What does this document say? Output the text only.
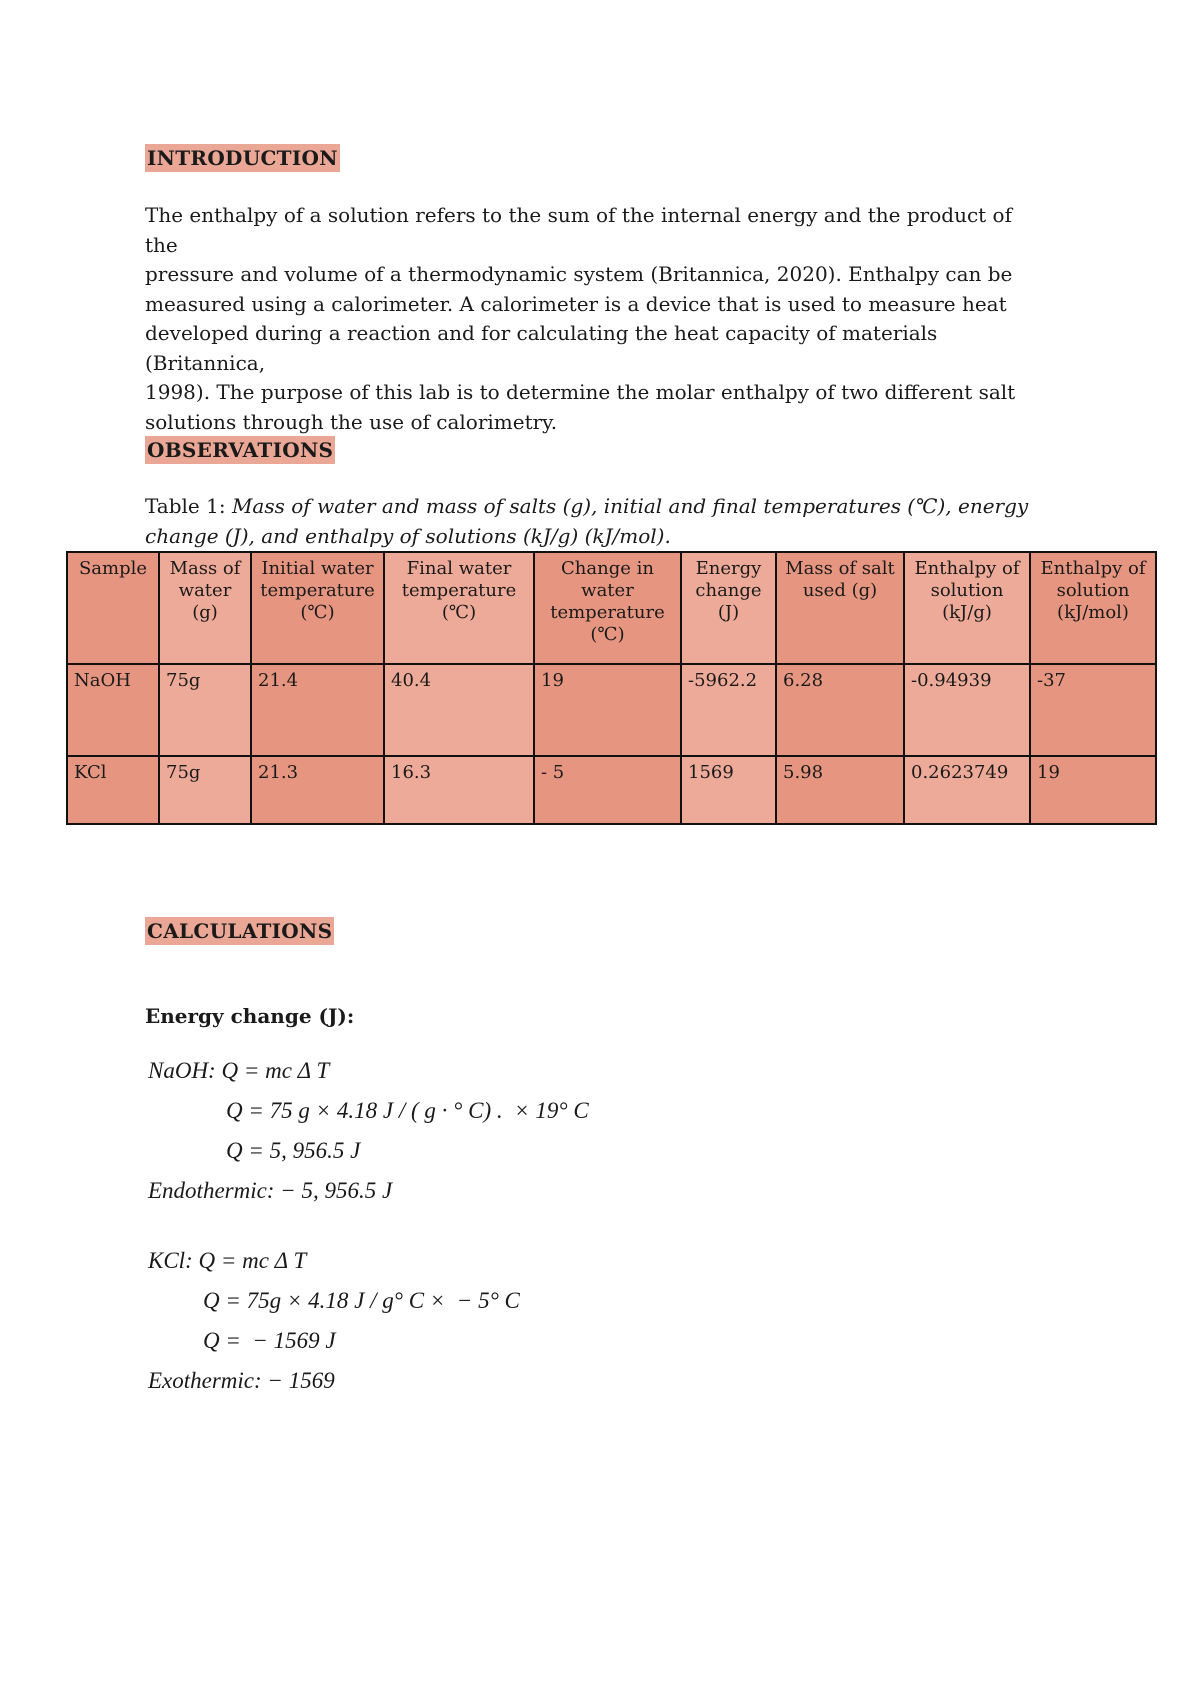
INTRODUCTION
The enthalpy of a solution refers to the sum of the internal energy and the product of the
pressure and volume of a thermodynamic system (Britannica, 2020). Enthalpy can be
measured using a calorimeter. A calorimeter is a device that is used to measure heat
developed during a reaction and for calculating the heat capacity of materials (Britannica,
1998). The purpose of this lab is to determine the molar enthalpy of two different salt
solutions through the use of calorimetry.
OBSERVATIONS
Table 1: Mass of water and mass of salts (g), initial and final temperatures (℃), energy
change (J), and enthalpy of solutions (kJ/g) (kJ/mol).
Sample	Mass of water (g)	Initial water temperature (℃)	Final water temperature (℃)	Change in water temperature (℃)	Energy change (J)	Mass of salt used (g)	Enthalpy of solution (kJ/g)	Enthalpy of solution (kJ/mol)
NaOH	75g	21.4	40.4	19	-5962.2	6.28	-0.94939	-37
KCl	75g	21.3	16.3	- 5	1569	5.98	0.2623749	19
CALCULATIONS
Energy change (J):
NaOH: Q = mc Δ T
Q = 75 g × 4.18 J / ( g · ° C) .  × 19° C
Q = 5, 956.5 J
Endothermic: − 5, 956.5 J
KCl: Q = mc Δ T
Q = 75g × 4.18 J / g° C ×  − 5° C
Q =  − 1569 J
Exothermic: − 1569
